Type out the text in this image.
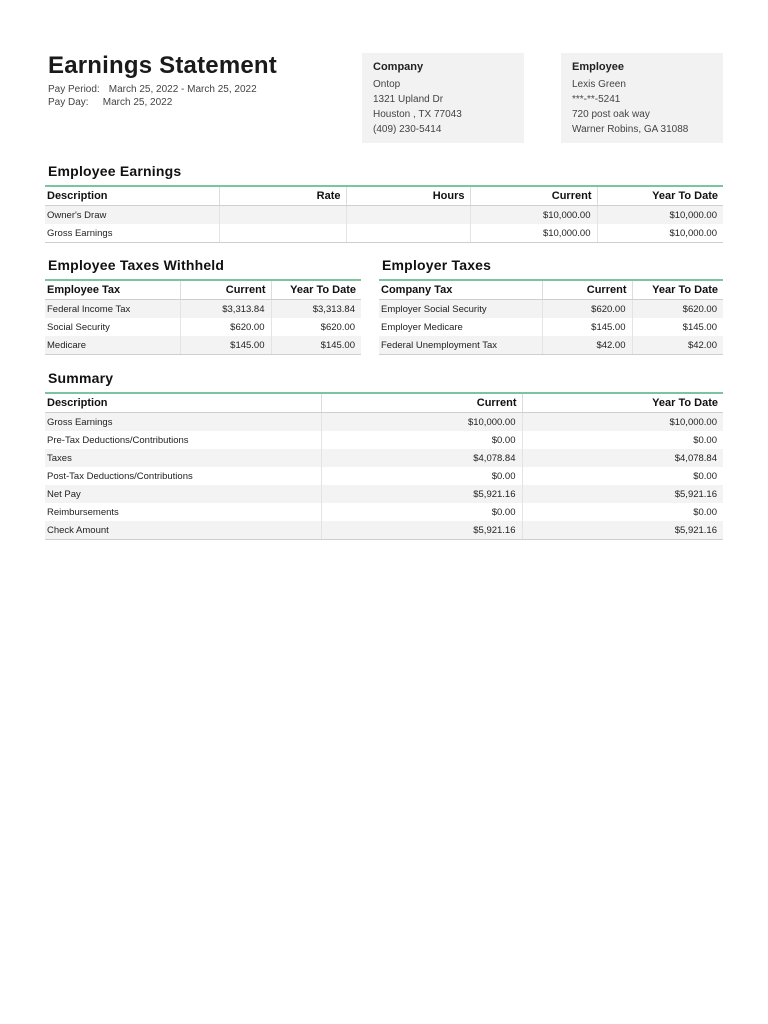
Earnings Statement
Pay Period: March 25, 2022 - March 25, 2022
Pay Day: March 25, 2022
Company
Ontop
1321 Upland Dr
Houston , TX 77043
(409) 230-5414
Employee
Lexis Green
***-**-5241
720 post oak way
Warner Robins, GA 31088
Employee Earnings
Description	Rate	Hours	Current	Year To Date
Owner's Draw			$10,000.00	$10,000.00
Gross Earnings			$10,000.00	$10,000.00
Employee Taxes Withheld
Employee Tax	Current	Year To Date
Federal Income Tax	$3,313.84	$3,313.84
Social Security	$620.00	$620.00
Medicare	$145.00	$145.00
Employer Taxes
Company Tax	Current	Year To Date
Employer Social Security	$620.00	$620.00
Employer Medicare	$145.00	$145.00
Federal Unemployment Tax	$42.00	$42.00
Summary
Description	Current	Year To Date
Gross Earnings	$10,000.00	$10,000.00
Pre-Tax Deductions/Contributions	$0.00	$0.00
Taxes	$4,078.84	$4,078.84
Post-Tax Deductions/Contributions	$0.00	$0.00
Net Pay	$5,921.16	$5,921.16
Reimbursements	$0.00	$0.00
Check Amount	$5,921.16	$5,921.16
